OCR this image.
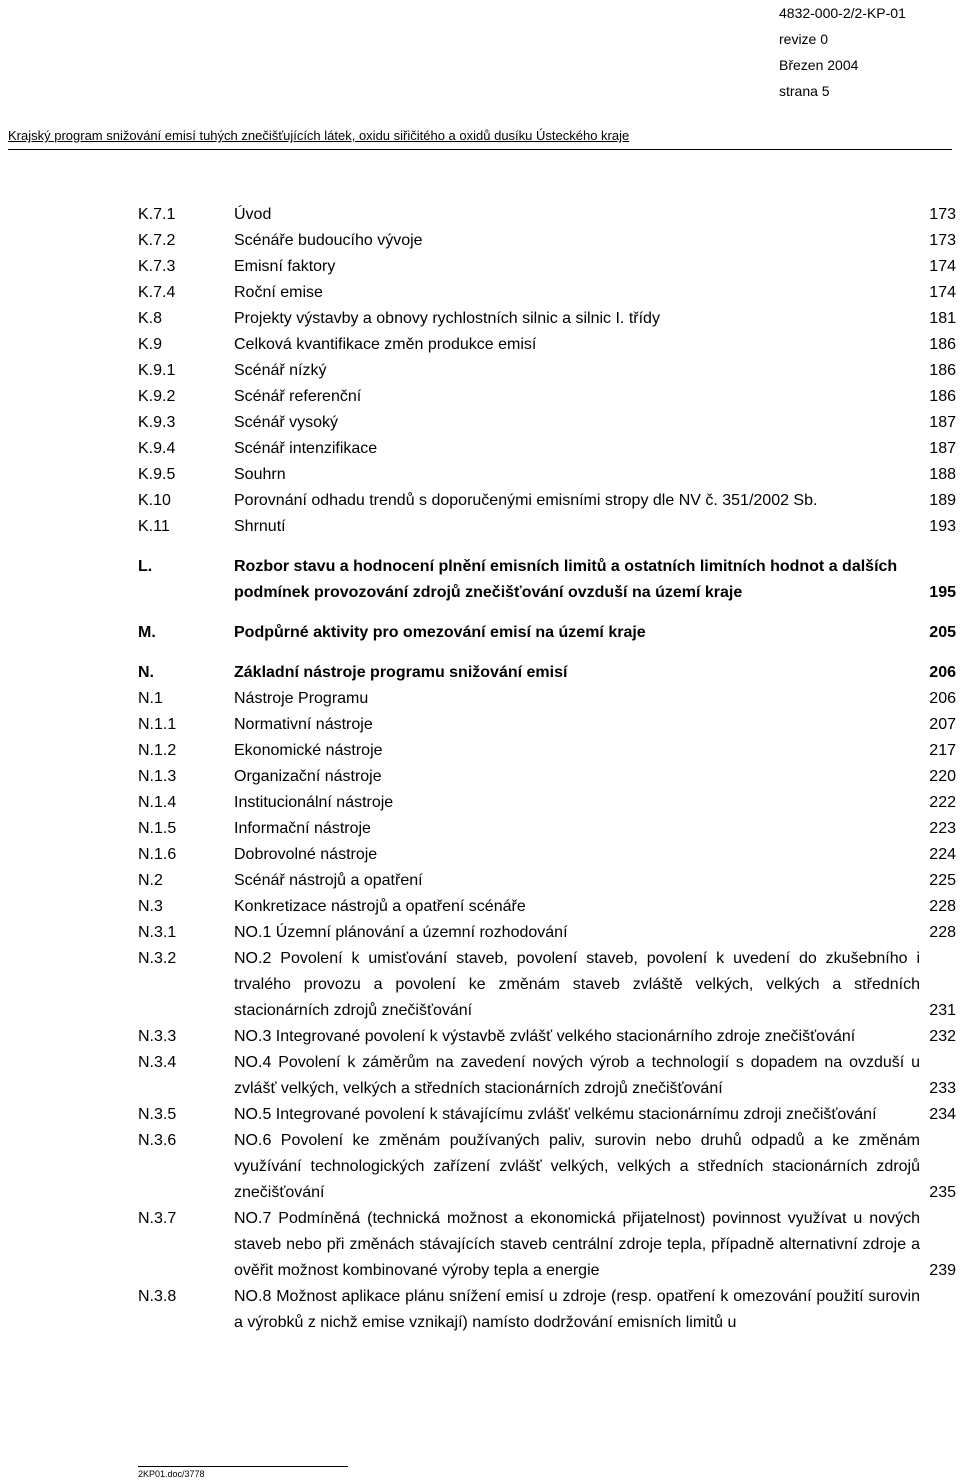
4832-000-2/2-KP-01
revize 0
Březen 2004
strana 5
Krajský program snižování emisí tuhých znečišťujících látek, oxidu siřičitého a oxidů dusíku Ústeckého kraje
K.7.1	Úvod	173
K.7.2	Scénáře budoucího vývoje	173
K.7.3	Emisní faktory	174
K.7.4	Roční emise	174
K.8	Projekty výstavby a obnovy rychlostních silnic a silnic I. třídy	181
K.9	Celková kvantifikace změn produkce emisí	186
K.9.1	Scénář nízký	186
K.9.2	Scénář referenční	186
K.9.3	Scénář vysoký	187
K.9.4	Scénář intenzifikace	187
K.9.5	Souhrn	188
K.10	Porovnání odhadu trendů s doporučenými emisními stropy dle NV č. 351/2002 Sb.	189
K.11	Shrnutí	193
L.	Rozbor stavu a hodnocení plnění emisních limitů a ostatních limitních hodnot a dalších podmínek provozování zdrojů znečišťování ovzduší na území kraje	195
M.	Podpůrné aktivity pro omezování emisí na území kraje	205
N.	Základní nástroje programu snižování emisí	206
N.1	Nástroje Programu	206
N.1.1	Normativní nástroje	207
N.1.2	Ekonomické nástroje	217
N.1.3	Organizační nástroje	220
N.1.4	Institucionální nástroje	222
N.1.5	Informační nástroje	223
N.1.6	Dobrovolné nástroje	224
N.2	Scénář nástrojů a opatření	225
N.3	Konkretizace nástrojů a opatření scénáře	228
N.3.1	NO.1 Územní plánování a územní rozhodování	228
N.3.2	NO.2 Povolení k umisťování staveb, povolení staveb, povolení k uvedení do zkušebního i trvalého provozu a povolení ke změnám staveb zvláště velkých, velkých a středních stacionárních zdrojů znečišťování	231
N.3.3	NO.3 Integrované povolení k výstavbě zvlášť velkého stacionárního zdroje znečišťování	232
N.3.4	NO.4 Povolení k záměrům na zavedení nových výrob a technologií s dopadem na ovzduší u zvlášť velkých, velkých a středních stacionárních zdrojů znečišťování	233
N.3.5	NO.5 Integrované povolení k stávajícímu zvlášť velkému stacionárnímu zdroji znečišťování	234
N.3.6	NO.6 Povolení ke změnám používaných paliv, surovin nebo druhů odpadů a ke změnám využívání technologických zařízení zvlášť velkých, velkých a středních stacionárních zdrojů znečišťování	235
N.3.7	NO.7 Podmíněná (technická možnost a ekonomická přijatelnost) povinnost využívat u nových staveb nebo při změnách stávajících staveb centrální zdroje tepla, případně alternativní zdroje a ověřit možnost kombinované výroby tepla a energie	239
N.3.8	NO.8 Možnost aplikace plánu snížení emisí u zdroje (resp. opatření k omezování použití surovin a výrobků z nichž emise vznikají) namísto dodržování emisních limitů u
2KP01.doc/3778
